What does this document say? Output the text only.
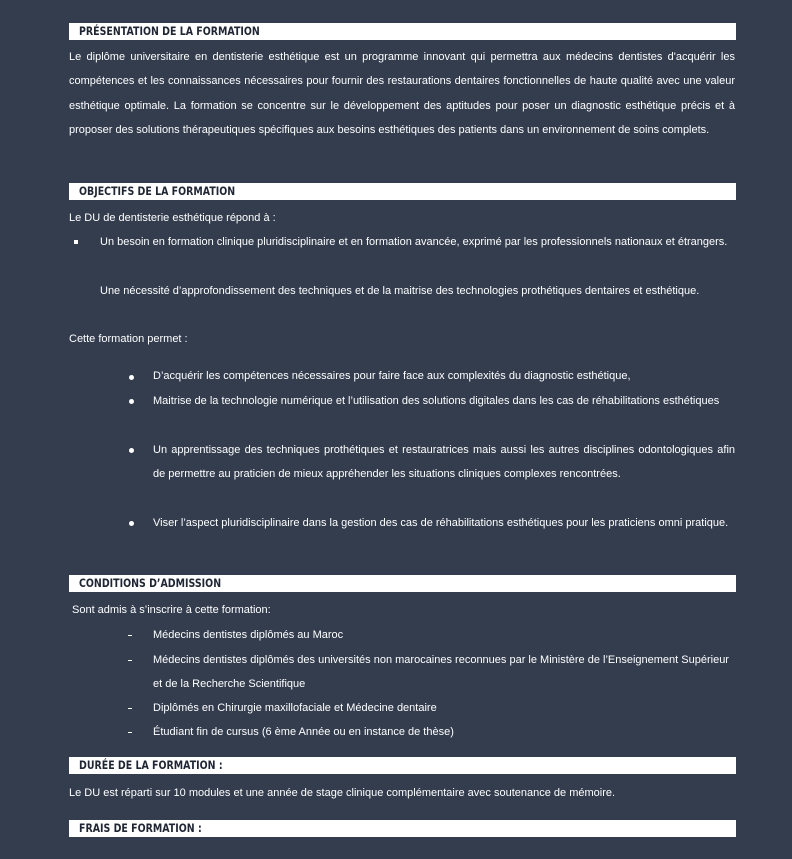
PRÉSENTATION DE LA FORMATION
Le diplôme universitaire en dentisterie esthétique est un programme innovant qui permettra aux médecins dentistes d'acquérir les compétences et les connaissances nécessaires pour fournir des restaurations dentaires fonctionnelles de haute qualité avec une valeur esthétique optimale. La formation se concentre sur le développement des aptitudes pour poser un diagnostic esthétique précis et à proposer des solutions thérapeutiques spécifiques aux besoins esthétiques des patients dans un environnement de soins complets.
OBJECTIFS DE LA FORMATION
Le DU de dentisterie esthétique répond à :
Un besoin en formation clinique pluridisciplinaire et en formation avancée, exprimé par les professionnels nationaux et étrangers.
Une nécessité d’approfondissement des techniques et de la maitrise des technologies prothétiques dentaires et esthétique.
Cette formation permet :
D’acquérir les compétences nécessaires pour faire face aux complexités du diagnostic esthétique,
Maitrise de la technologie numérique et l’utilisation des solutions digitales dans les cas de réhabilitations esthétiques
Un apprentissage des techniques prothétiques et restauratrices mais aussi les autres disciplines odontologiques afin de permettre au praticien de mieux appréhender les situations cliniques complexes rencontrées.
Viser l’aspect pluridisciplinaire dans la gestion des cas de réhabilitations esthétiques pour les praticiens omni pratique.
CONDITIONS D’ADMISSION
Sont admis à s’inscrire à cette formation:
Médecins dentistes diplômés au Maroc
Médecins dentistes diplômés des universités non marocaines reconnues par le Ministère de l’Enseignement Supérieur et de la Recherche Scientifique
Diplômés en Chirurgie maxillofaciale et Médecine dentaire
Étudiant fin de cursus (6 ème Année ou en instance de thèse)
DURÉE DE LA FORMATION :
Le DU est réparti sur 10 modules et une année de stage clinique complémentaire avec soutenance de mémoire.
FRAIS DE FORMATION :
